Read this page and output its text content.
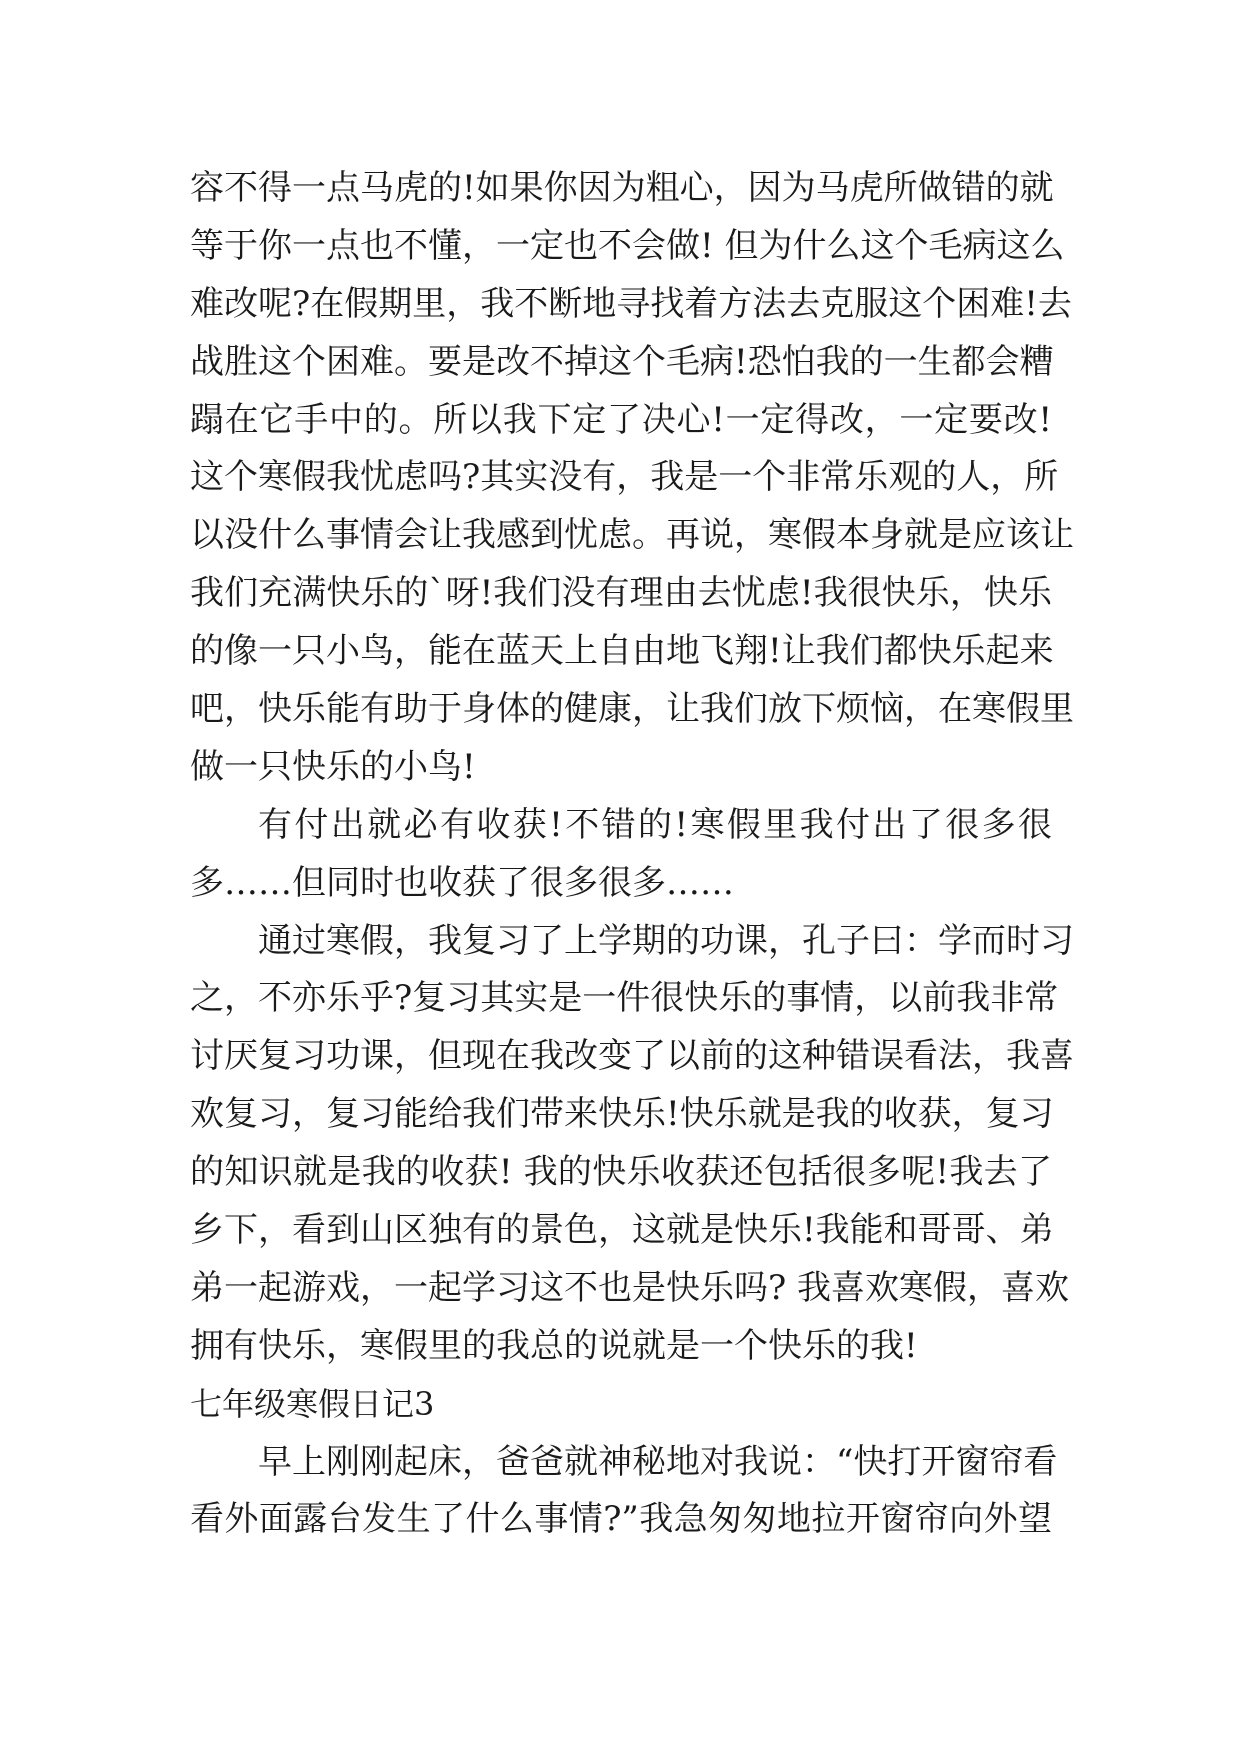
容不得一点马虎的!如果你因为粗心，因为马虎所做错的就
等于你一点也不懂，一定也不会做! 但为什么这个毛病这么
难改呢?在假期里，我不断地寻找着方法去克服这个困难!去
战胜这个困难。要是改不掉这个毛病!恐怕我的一生都会糟
蹋在它手中的。所以我下定了决心!一定得改，一定要改!
这个寒假我忧虑吗?其实没有，我是一个非常乐观的人，所
以没什么事情会让我感到忧虑。再说，寒假本身就是应该让
我们充满快乐的`呀!我们没有理由去忧虑!我很快乐，快乐
的像一只小鸟，能在蓝天上自由地飞翔!让我们都快乐起来
吧，快乐能有助于身体的健康，让我们放下烦恼，在寒假里
做一只快乐的小鸟!
有付出就必有收获!不错的!寒假里我付出了很多很
多……但同时也收获了很多很多……
通过寒假，我复习了上学期的功课，孔子曰：学而时习
之，不亦乐乎?复习其实是一件很快乐的事情，以前我非常
讨厌复习功课，但现在我改变了以前的这种错误看法，我喜
欢复习，复习能给我们带来快乐!快乐就是我的收获，复习
的知识就是我的收获! 我的快乐收获还包括很多呢!我去了
乡下，看到山区独有的景色，这就是快乐!我能和哥哥、弟
弟一起游戏，一起学习这不也是快乐吗? 我喜欢寒假，喜欢
拥有快乐，寒假里的我总的说就是一个快乐的我!
七年级寒假日记3
早上刚刚起床，爸爸就神秘地对我说：“快打开窗帘看
看外面露台发生了什么事情?”我急匆匆地拉开窗帘向外望
